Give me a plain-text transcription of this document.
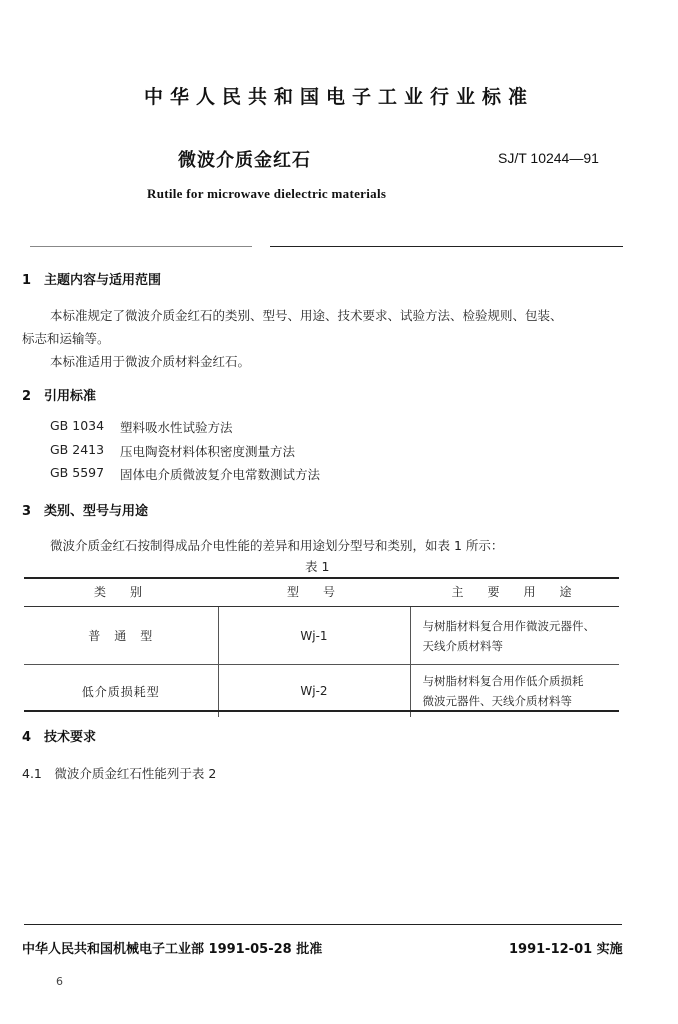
中华人民共和国电子工业行业标准
微波介质金红石	SJ/T 10244—91
Rutile for microwave dielectric materials
1　主题内容与适用范围
本标准规定了微波介质金红石的类别、型号、用途、技术要求、试验方法、检验规则、包装、
标志和运输等。
本标准适用于微波介质材料金红石。
2　引用标准
GB 1034 塑料吸水性试验方法
GB 2413 压电陶瓷材料体积密度测量方法
GB 5597 固体电介质微波复介电常数测试方法
3　类别、型号与用途
微波介质金红石按制得成品介电性能的差异和用途划分型号和类别，如表 1 所示：
表 1
类　别	型　号	主　要　用　途
普　通　型	Wj-1	与树脂材料复合用作微波元器件、
天线介质材料等

低介质损耗型	Wj-2	与树脂材料复合用作低介质损耗
微波元器件、天线介质材料等
4　技术要求
4.1　微波介质金红石性能列于表 2
中华人民共和国机械电子工业部 1991-05-28 批准	1991-12-01 实施
6
